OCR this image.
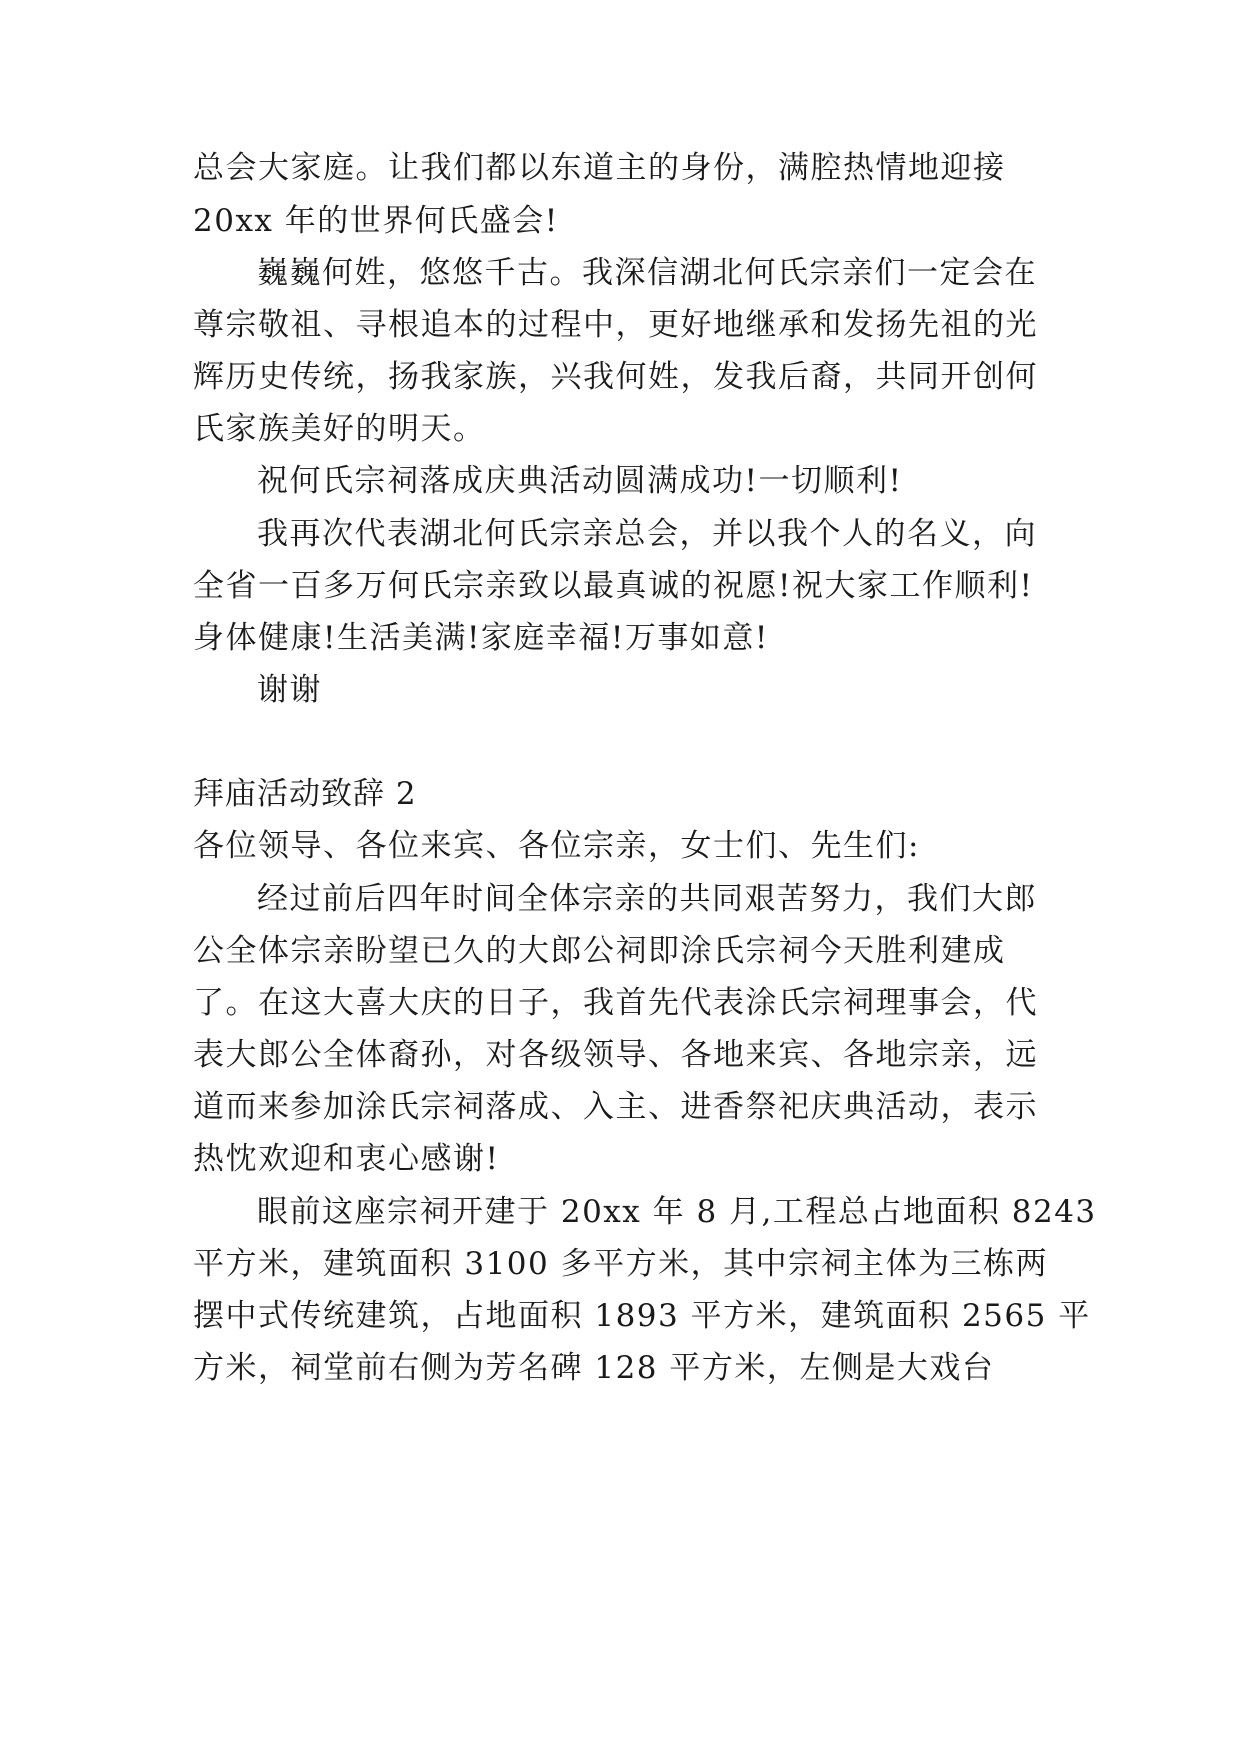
总会大家庭。让我们都以东道主的身份，满腔热情地迎接
20xx 年的世界何氏盛会!
巍巍何姓，悠悠千古。我深信湖北何氏宗亲们一定会在
尊宗敬祖、寻根追本的过程中，更好地继承和发扬先祖的光
辉历史传统，扬我家族，兴我何姓，发我后裔，共同开创何
氏家族美好的明天。
祝何氏宗祠落成庆典活动圆满成功!一切顺利!
我再次代表湖北何氏宗亲总会，并以我个人的名义，向
全省一百多万何氏宗亲致以最真诚的祝愿!祝大家工作顺利!
身体健康!生活美满!家庭幸福!万事如意!
谢谢
拜庙活动致辞 2
各位领导、各位来宾、各位宗亲，女士们、先生们:
经过前后四年时间全体宗亲的共同艰苦努力，我们大郎
公全体宗亲盼望已久的大郎公祠即涂氏宗祠今天胜利建成
了。在这大喜大庆的日子，我首先代表涂氏宗祠理事会，代
表大郎公全体裔孙，对各级领导、各地来宾、各地宗亲，远
道而来参加涂氏宗祠落成、入主、进香祭祀庆典活动，表示
热忱欢迎和衷心感谢!
眼前这座宗祠开建于 20xx 年 8 月,工程总占地面积 8243
平方米，建筑面积 3100 多平方米，其中宗祠主体为三栋两
摆中式传统建筑，占地面积 1893 平方米，建筑面积 2565 平
方米，祠堂前右侧为芳名碑 128 平方米，左侧是大戏台
